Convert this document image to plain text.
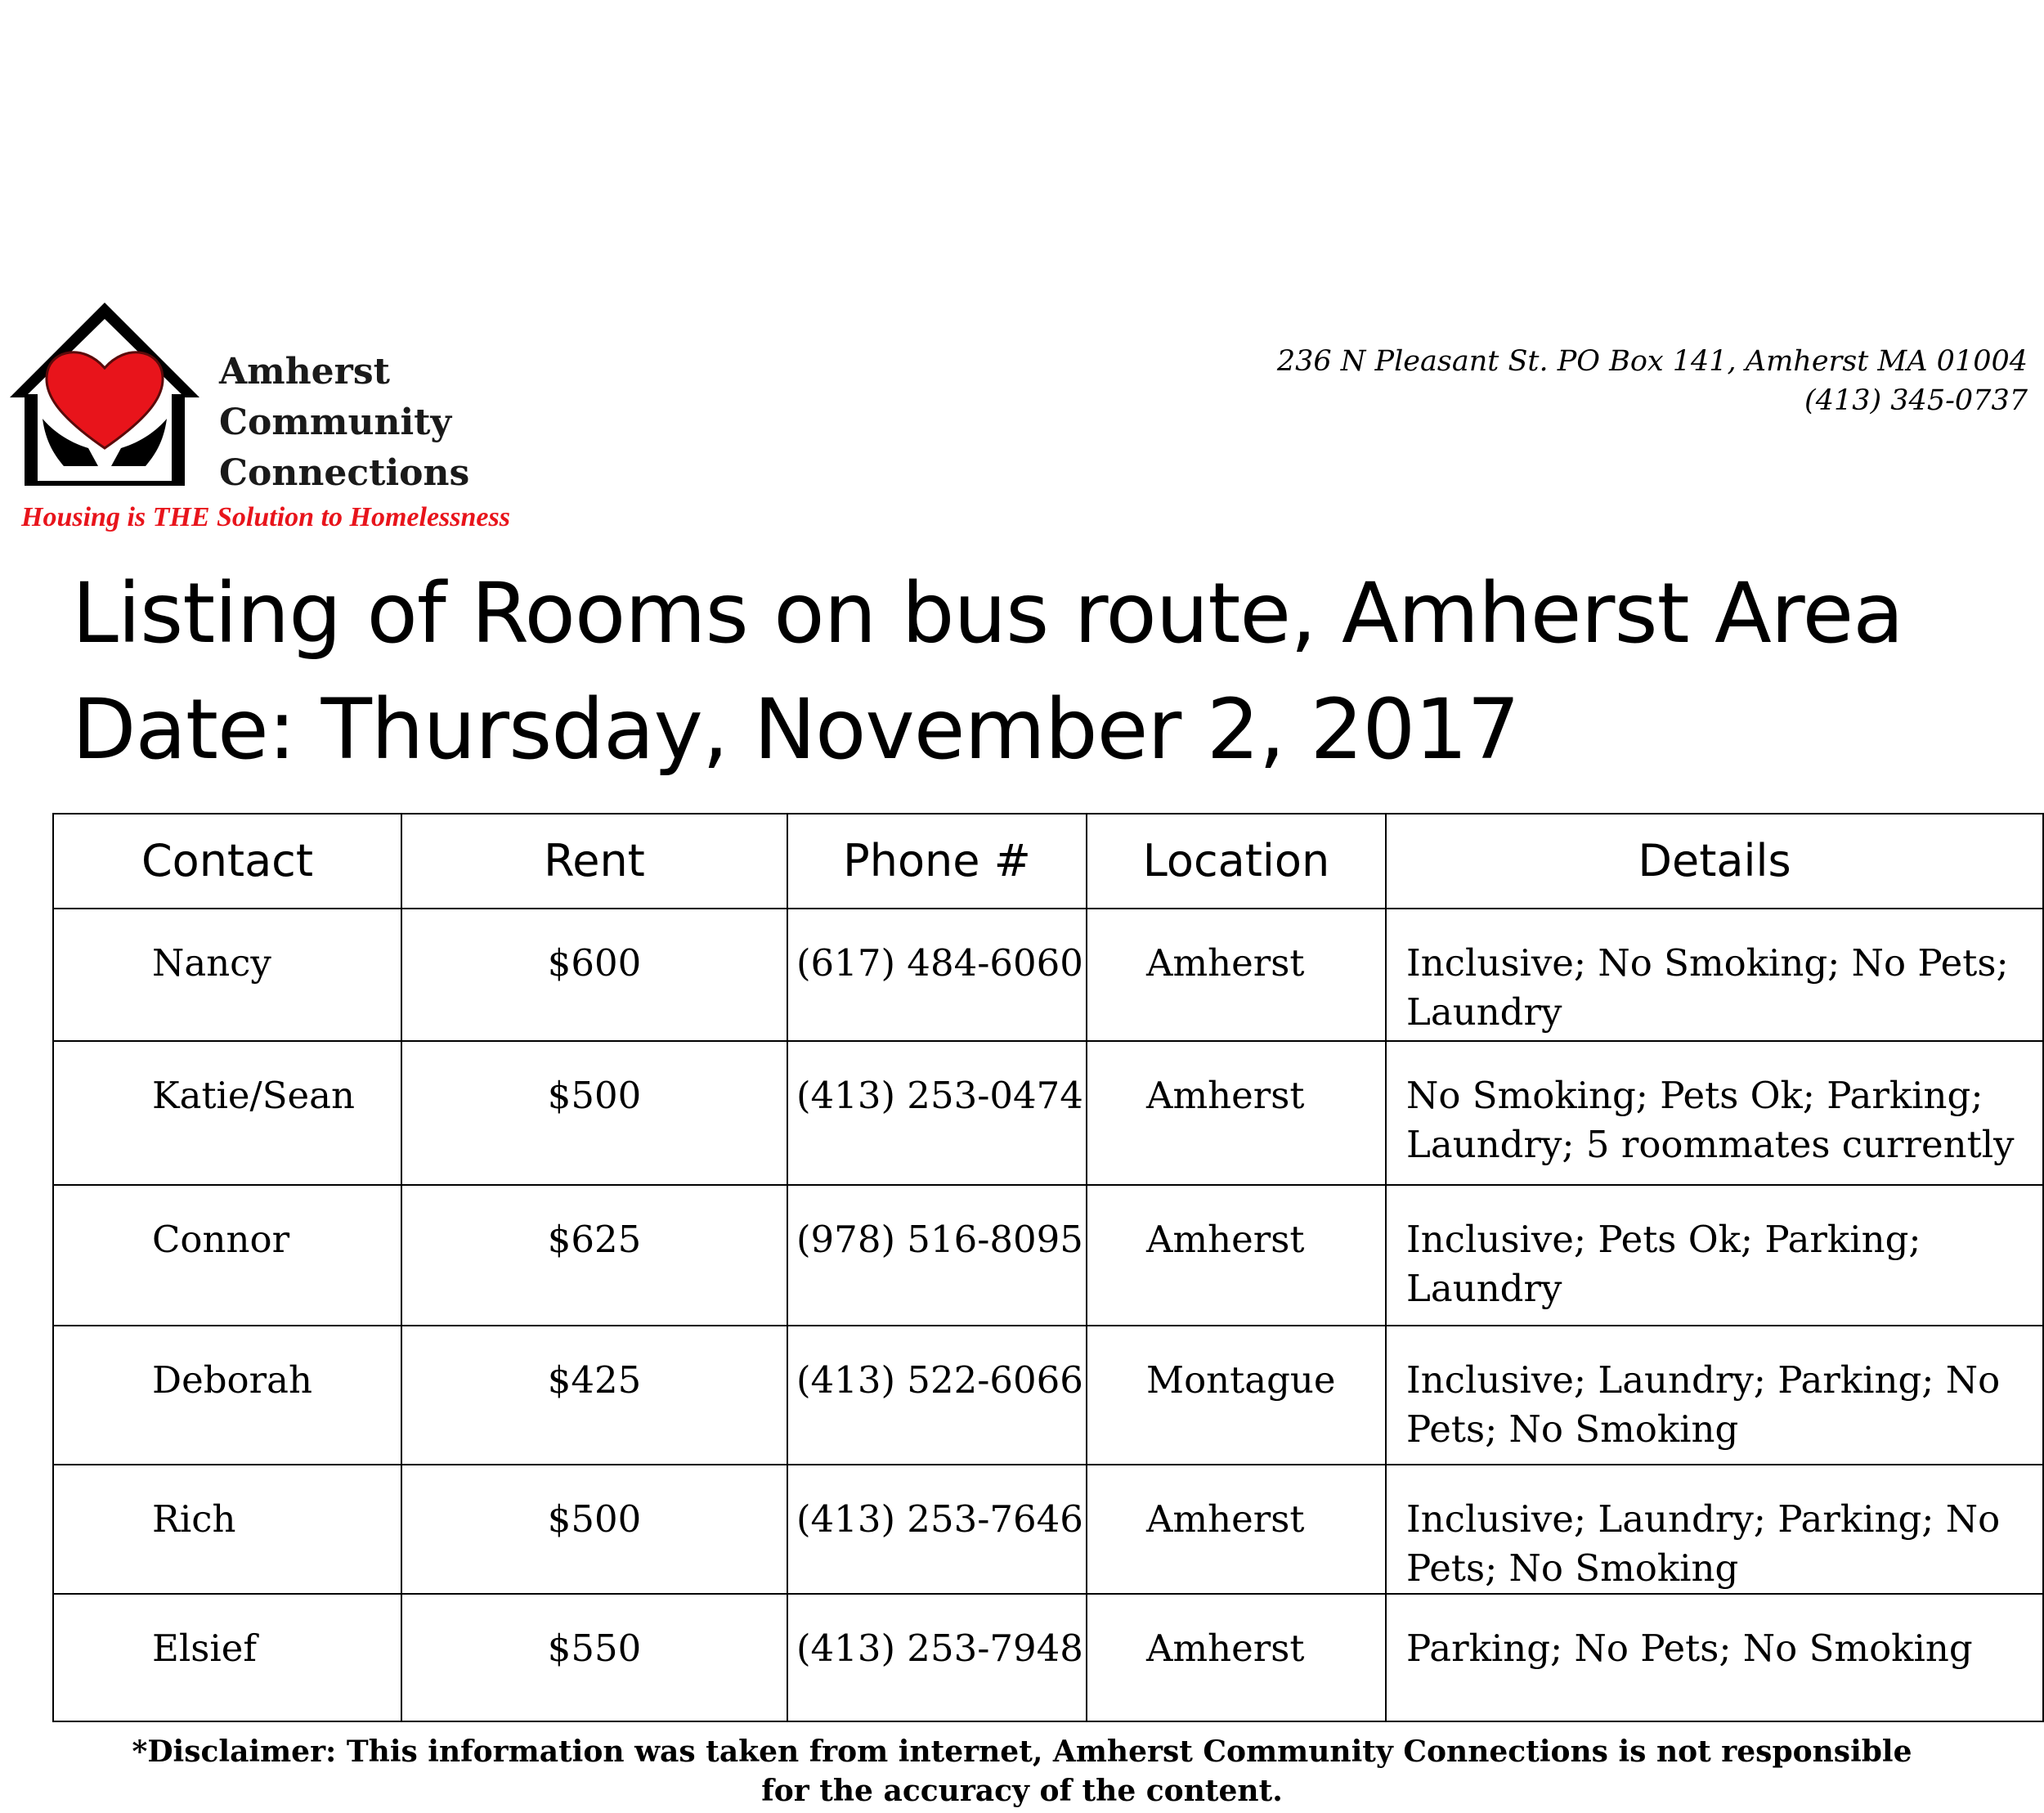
Amherst
Community
Connections
Housing is THE Solution to Homelessness
236 N Pleasant St. PO Box 141, Amherst MA 01004
(413) 345-0737
Listing of Rooms on bus route, Amherst Area
Date: Thursday, November 2, 2017
Contact	Rent	Phone #	Location	Details
Nancy	$600	(617) 484-6060	Amherst	Inclusive; No Smoking; No Pets; Laundry
Katie/Sean	$500	(413) 253-0474	Amherst	No Smoking; Pets Ok; Parking; Laundry; 5 roommates currently
Connor	$625	(978) 516-8095	Amherst	Inclusive; Pets Ok; Parking; Laundry
Deborah	$425	(413) 522-6066	Montague	Inclusive; Laundry; Parking; No Pets; No Smoking
Rich	$500	(413) 253-7646	Amherst	Inclusive; Laundry; Parking; No Pets; No Smoking
Elsief	$550	(413) 253-7948	Amherst	Parking; No Pets; No Smoking
*Disclaimer: This information was taken from internet, Amherst Community Connections is not responsible
for the accuracy of the content.
